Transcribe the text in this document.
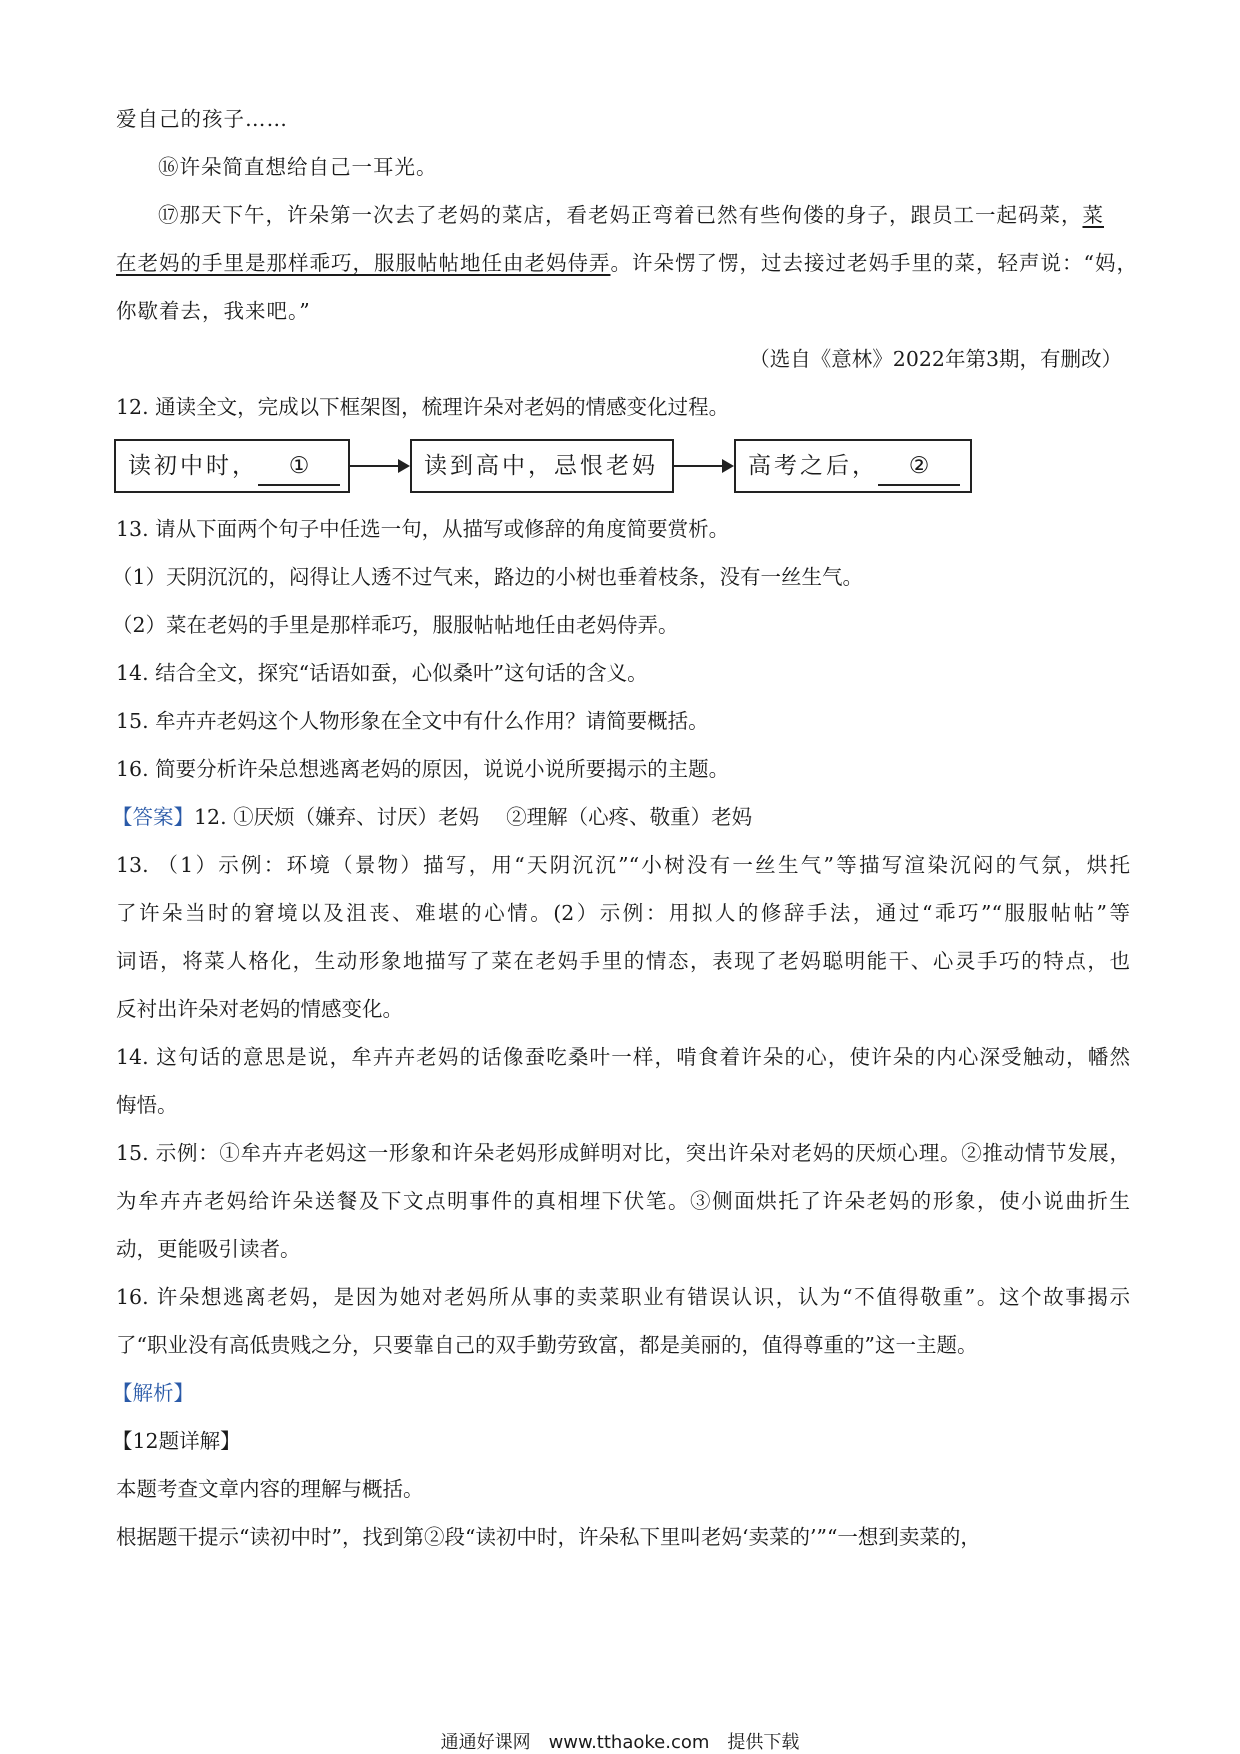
爱自己的孩子……
⑯许朵简直想给自己一耳光。
⑰那天下午，许朵第一次去了老妈的菜店，看老妈正弯着已然有些佝偻的身子，跟员工一起码菜，菜
在老妈的手里是那样乖巧，服服帖帖地任由老妈侍弄。许朵愣了愣，过去接过老妈手里的菜，轻声说：“妈，
你歇着去，我来吧。”
（选自《意林》2022年第3期，有删改）
12. 通读全文，完成以下框架图，梳理许朵对老妈的情感变化过程。
读初中时， ①	读到高中，忌恨老妈	高考之后， ②
13. 请从下面两个句子中任选一句，从描写或修辞的角度简要赏析。
（1）天阴沉沉的，闷得让人透不过气来，路边的小树也垂着枝条，没有一丝生气。
（2）菜在老妈的手里是那样乖巧，服服帖帖地任由老妈侍弄。
14. 结合全文，探究“话语如蚕，心似桑叶”这句话的含义。
15. 牟卉卉老妈这个人物形象在全文中有什么作用？请简要概括。
16. 简要分析许朵总想逃离老妈的原因，说说小说所要揭示的主题。
【答案】12. ①厌烦（嫌弃、讨厌）老妈　 ②理解（心疼、敬重）老妈
13. （1）示例：环境（景物）描写，用“天阴沉沉”“小树没有一丝生气”等描写渲染沉闷的气氛，烘托
了许朵当时的窘境以及沮丧、难堪的心情。(2）示例：用拟人的修辞手法，通过“乖巧”“服服帖帖”等
词语，将菜人格化，生动形象地描写了菜在老妈手里的情态，表现了老妈聪明能干、心灵手巧的特点，也
反衬出许朵对老妈的情感变化。
14. 这句话的意思是说，牟卉卉老妈的话像蚕吃桑叶一样，啃食着许朵的心，使许朵的内心深受触动，幡然
悔悟。
15. 示例：①牟卉卉老妈这一形象和许朵老妈形成鲜明对比，突出许朵对老妈的厌烦心理。②推动情节发展，
为牟卉卉老妈给许朵送餐及下文点明事件的真相埋下伏笔。③侧面烘托了许朵老妈的形象，使小说曲折生
动，更能吸引读者。
16. 许朵想逃离老妈，是因为她对老妈所从事的卖菜职业有错误认识，认为“不值得敬重”。这个故事揭示
了“职业没有高低贵贱之分，只要靠自己的双手勤劳致富，都是美丽的，值得尊重的”这一主题。
【解析】
【12题详解】
本题考查文章内容的理解与概括。
根据题干提示“读初中时”，找到第②段“读初中时，许朵私下里叫老妈‘卖菜的’”“一想到卖菜的，
通通好课网　www.tthaoke.com　提供下载
